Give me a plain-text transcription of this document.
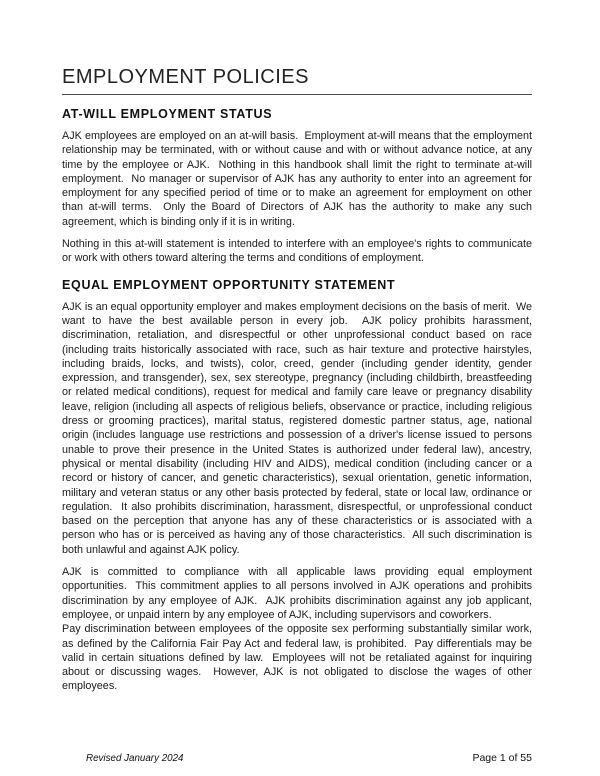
EMPLOYMENT POLICIES
AT-WILL EMPLOYMENT STATUS

AJK employees are employed on an at-will basis.  Employment at-will means that the employment relationship may be terminated, with or without cause and with or without advance notice, at any time by the employee or AJK.  Nothing in this handbook shall limit the right to terminate at-will employment.  No manager or supervisor of AJK has any authority to enter into an agreement for employment for any specified period of time or to make an agreement for employment on other than at-will terms.  Only the Board of Directors of AJK has the authority to make any such agreement, which is binding only if it is in writing.

Nothing in this at-will statement is intended to interfere with an employee's rights to communicate or work with others toward altering the terms and conditions of employment.

EQUAL EMPLOYMENT OPPORTUNITY STATEMENT

AJK is an equal opportunity employer and makes employment decisions on the basis of merit.  We want to have the best available person in every job.  AJK policy prohibits harassment, discrimination, retaliation, and disrespectful or other unprofessional conduct based on race (including traits historically associated with race, such as hair texture and protective hairstyles, including braids, locks, and twists), color, creed, gender (including gender identity, gender expression, and transgender), sex, sex stereotype, pregnancy (including childbirth, breastfeeding or related medical conditions), request for medical and family care leave or pregnancy disability leave, religion (including all aspects of religious beliefs, observance or practice, including religious dress or grooming practices), marital status, registered domestic partner status, age, national origin (includes language use restrictions and possession of a driver's license issued to persons unable to prove their presence in the United States is authorized under federal law), ancestry, physical or mental disability (including HIV and AIDS), medical condition (including cancer or a record or history of cancer, and genetic characteristics), sexual orientation, genetic information, military and veteran status or any other basis protected by federal, state or local law, ordinance or regulation.  It also prohibits discrimination, harassment, disrespectful, or unprofessional conduct based on the perception that anyone has any of these characteristics or is associated with a person who has or is perceived as having any of those characteristics.  All such discrimination is both unlawful and against AJK policy.

AJK is committed to compliance with all applicable laws providing equal employment opportunities.  This commitment applies to all persons involved in AJK operations and prohibits discrimination by any employee of AJK.  AJK prohibits discrimination against any job applicant, employee, or unpaid intern by any employee of AJK, including supervisors and coworkers.

Pay discrimination between employees of the opposite sex performing substantially similar work, as defined by the California Fair Pay Act and federal law, is prohibited.  Pay differentials may be valid in certain situations defined by law.  Employees will not be retaliated against for inquiring about or discussing wages.  However, AJK is not obligated to disclose the wages of other employees.

Revised January 2024	Page 1 of 55
